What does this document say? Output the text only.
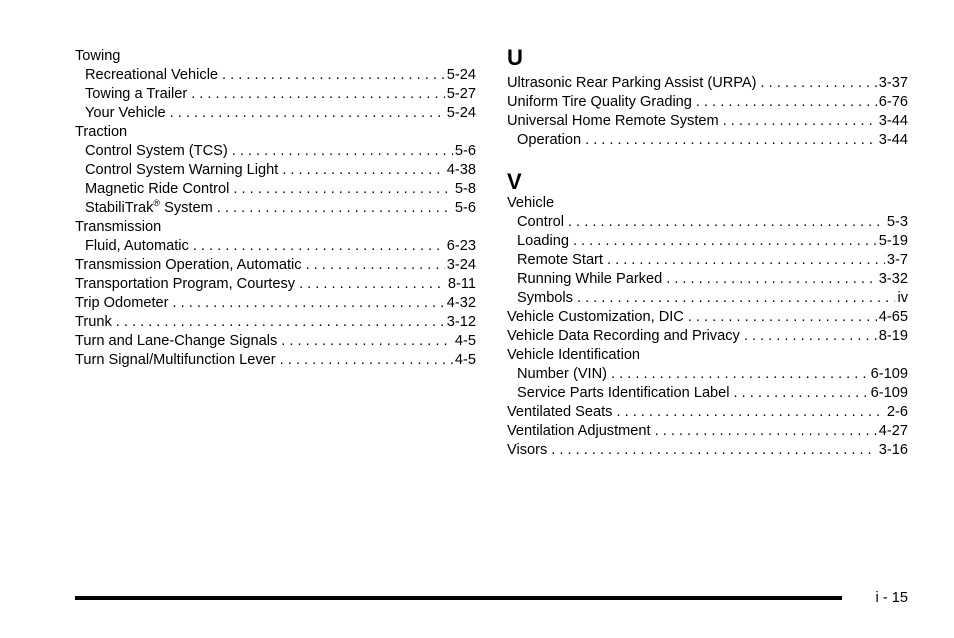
Towing
Recreational Vehicle . . .	5-24
Towing a Trailer . . .	5-27
Your Vehicle . . .	5-24
Traction
Control System (TCS) . . .	5-6
Control System Warning Light . . .	4-38
Magnetic Ride Control . . .	5-8
StabiliTrak® System . . .	5-6
Transmission
Fluid, Automatic . . .	6-23
Transmission Operation, Automatic . . .	3-24
Transportation Program, Courtesy . . .	8-11
Trip Odometer . . .	4-32
Trunk . . .	3-12
Turn and Lane-Change Signals . . .	4-5
Turn Signal/Multifunction Lever . . .	4-5
U
Ultrasonic Rear Parking Assist (URPA) . . .	3-37
Uniform Tire Quality Grading . . .	6-76
Universal Home Remote System . . .	3-44
Operation . . .	3-44
V
Vehicle
Control . . .	5-3
Loading . . .	5-19
Remote Start . . .	3-7
Running While Parked . . .	3-32
Symbols . . .	iv
Vehicle Customization, DIC . . .	4-65
Vehicle Data Recording and Privacy . . .	8-19
Vehicle Identification
Number (VIN) . . .	6-109
Service Parts Identification Label . . .	6-109
Ventilated Seats . . .	2-6
Ventilation Adjustment . . .	4-27
Visors . . .	3-16
i - 15
